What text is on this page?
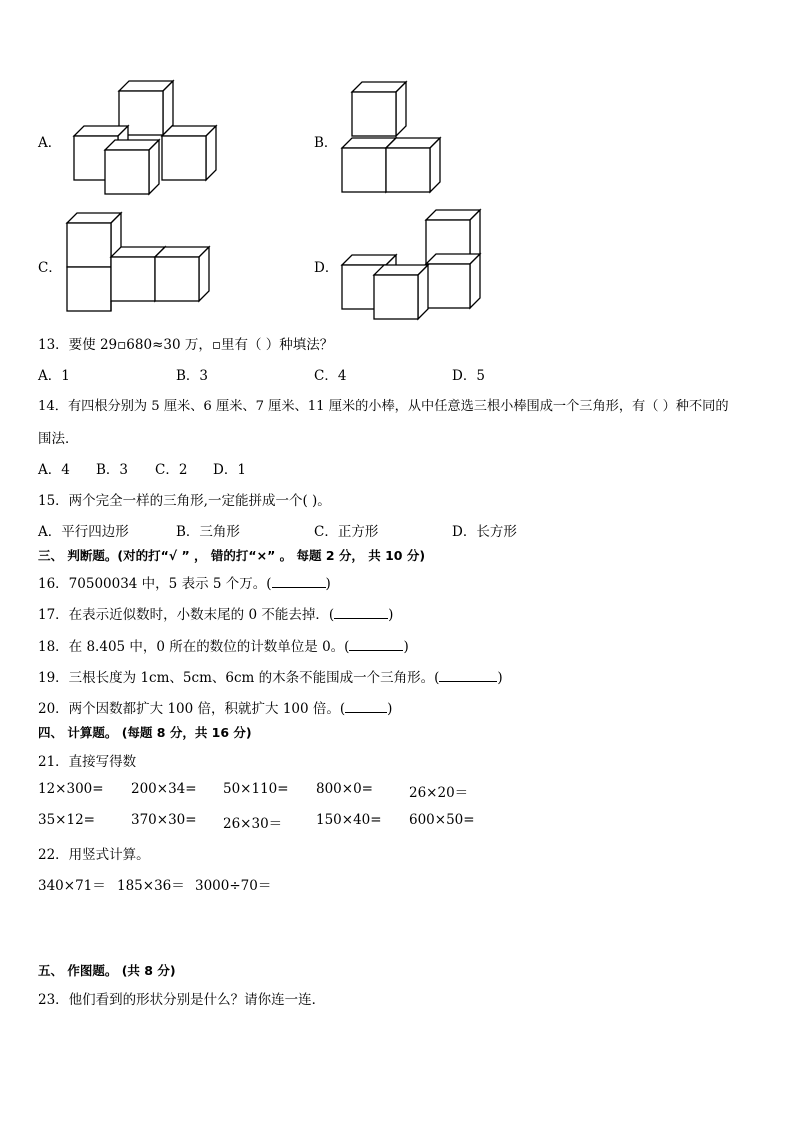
A．	B．
C．	D．
13．要使 29▫680≈30 万，▫里有（ ）种填法？
A．1	B．3	C．4	D．5
14．有四根分别为 5 厘米、6 厘米、7 厘米、11 厘米的小棒，从中任意选三根小棒围成一个三角形，有（ ）种不同的
围法．
A．4 B．3 C．2 D．1
15．两个完全一样的三角形,一定能拼成一个( )。
A．平行四边形	B．三角形	C．正方形	D．长方形
三、 判断题。(对的打“√ ” ， 错的打“×” 。 每题 2 分， 共 10 分)
16．70500034 中，5 表示 5 个万。(	)
17．在表示近似数时，小数末尾的 0 不能去掉．(	)
18．在 8.405 中，0 所在的数位的计数单位是 0。(	)
19．三根长度为 1cm、5cm、6cm 的木条不能围成一个三角形。(	)
20．两个因数都扩大 100 倍，积就扩大 100 倍。(	)
四、 计算题。 (每题 8 分，共 16 分)
21．直接写得数
12×300= 200×34= 50×110= 800×0=	26×20＝
35×12=	370×30= 26×30＝	150×40= 600×50=
22．用竖式计算。
340×71＝ 185×36＝ 3000÷70＝
五、 作图题。 (共 8 分)
23．他们看到的形状分别是什么？请你连一连．
